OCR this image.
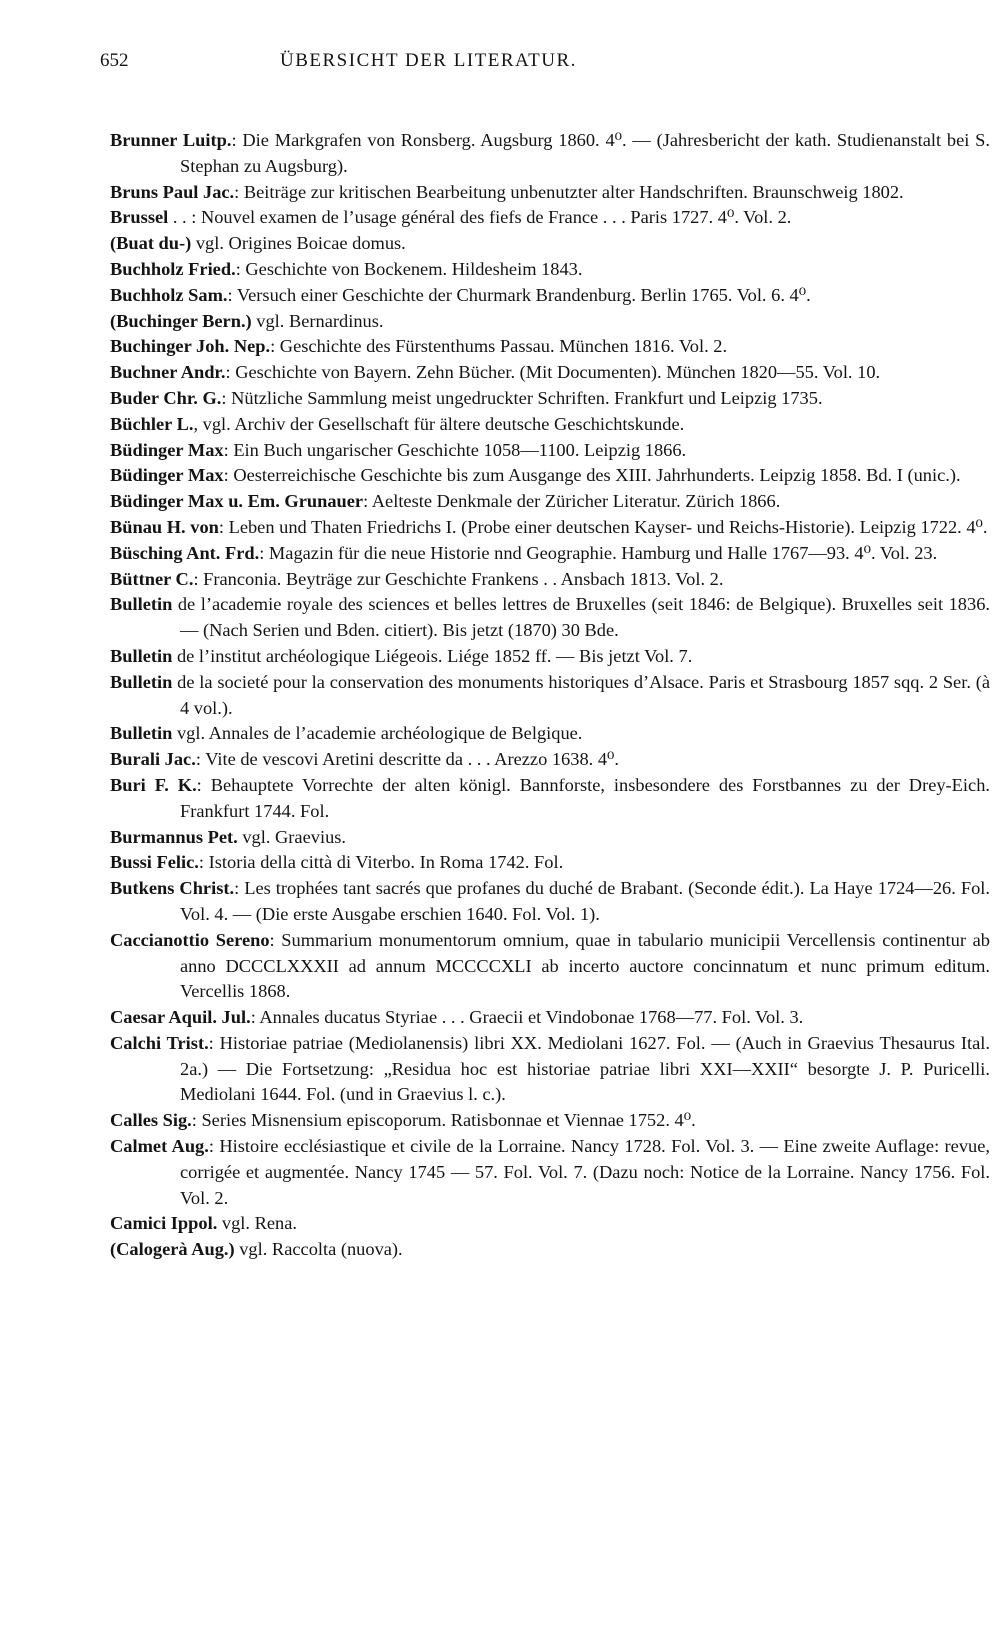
652	ÜBERSICHT DER LITERATUR.
Brunner Luitp.: Die Markgrafen von Ronsberg. Augsburg 1860. 4⁰. — (Jahresbericht der kath. Studienanstalt bei S. Stephan zu Augsburg).
Bruns Paul Jac.: Beiträge zur kritischen Bearbeitung unbenutzter alter Handschriften. Braunschweig 1802.
Brussel . . : Nouvel examen de l’usage général des fiefs de France . . . Paris 1727. 4⁰. Vol. 2.
(Buat du-) vgl. Origines Boicae domus.
Buchholz Fried.: Geschichte von Bockenem. Hildesheim 1843.
Buchholz Sam.: Versuch einer Geschichte der Churmark Brandenburg. Berlin 1765. Vol. 6. 4⁰.
(Buchinger Bern.) vgl. Bernardinus.
Buchinger Joh. Nep.: Geschichte des Fürstenthums Passau. München 1816. Vol. 2.
Buchner Andr.: Geschichte von Bayern. Zehn Bücher. (Mit Documenten). München 1820—55. Vol. 10.
Buder Chr. G.: Nützliche Sammlung meist ungedruckter Schriften. Frankfurt und Leipzig 1735.
Büchler L., vgl. Archiv der Gesellschaft für ältere deutsche Geschichtskunde.
Büdinger Max: Ein Buch ungarischer Geschichte 1058—1100. Leipzig 1866.
Büdinger Max: Oesterreichische Geschichte bis zum Ausgange des XIII. Jahrhunderts. Leipzig 1858. Bd. I (unic.).
Büdinger Max u. Em. Grunauer: Aelteste Denkmale der Züricher Literatur. Zürich 1866.
Bünau H. von: Leben und Thaten Friedrichs I. (Probe einer deutschen Kayser- und Reichs-Historie). Leipzig 1722. 4⁰.
Büsching Ant. Frd.: Magazin für die neue Historie nnd Geographie. Hamburg und Halle 1767—93. 4⁰. Vol. 23.
Büttner C.: Franconia. Beyträge zur Geschichte Frankens . . Ansbach 1813. Vol. 2.
Bulletin de l’academie royale des sciences et belles lettres de Bruxelles (seit 1846: de Belgique). Bruxelles seit 1836. — (Nach Serien und Bden. citiert). Bis jetzt (1870) 30 Bde.
Bulletin de l’institut archéologique Liégeois. Liége 1852 ff. — Bis jetzt Vol. 7.
Bulletin de la societé pour la conservation des monuments historiques d’Alsace. Paris et Strasbourg 1857 sqq. 2 Ser. (à 4 vol.).
Bulletin vgl. Annales de l’academie archéologique de Belgique.
Burali Jac.: Vite de vescovi Aretini descritte da . . . Arezzo 1638. 4⁰.
Buri F. K.: Behauptete Vorrechte der alten königl. Bannforste, insbesondere des Forstbannes zu der Drey-Eich. Frankfurt 1744. Fol.
Burmannus Pet. vgl. Graevius.
Bussi Felic.: Istoria della città di Viterbo. In Roma 1742. Fol.
Butkens Christ.: Les trophées tant sacrés que profanes du duché de Brabant. (Seconde édit.). La Haye 1724—26. Fol. Vol. 4. — (Die erste Ausgabe erschien 1640. Fol. Vol. 1).
Caccianottio Sereno: Summarium monumentorum omnium, quae in tabulario municipii Vercellensis continentur ab anno DCCCLXXXII ad annum MCCCCXLI ab incerto auctore concinnatum et nunc primum editum. Vercellis 1868.
Caesar Aquil. Jul.: Annales ducatus Styriae . . . Graecii et Vindobonae 1768—77. Fol. Vol. 3.
Calchi Trist.: Historiae patriae (Mediolanensis) libri XX. Mediolani 1627. Fol. — (Auch in Graevius Thesaurus Ital. 2a.) — Die Fortsetzung: „Residua hoc est historiae patriae libri XXI—XXII“ besorgte J. P. Puricelli. Mediolani 1644. Fol. (und in Graevius l. c.).
Calles Sig.: Series Misnensium episcoporum. Ratisbonnae et Viennae 1752. 4⁰.
Calmet Aug.: Histoire ecclésiastique et civile de la Lorraine. Nancy 1728. Fol. Vol. 3. — Eine zweite Auflage: revue, corrigée et augmentée. Nancy 1745 — 57. Fol. Vol. 7. (Dazu noch: Notice de la Lorraine. Nancy 1756. Fol. Vol. 2.
Camici Ippol. vgl. Rena.
(Calogerà Aug.) vgl. Raccolta (nuova).
